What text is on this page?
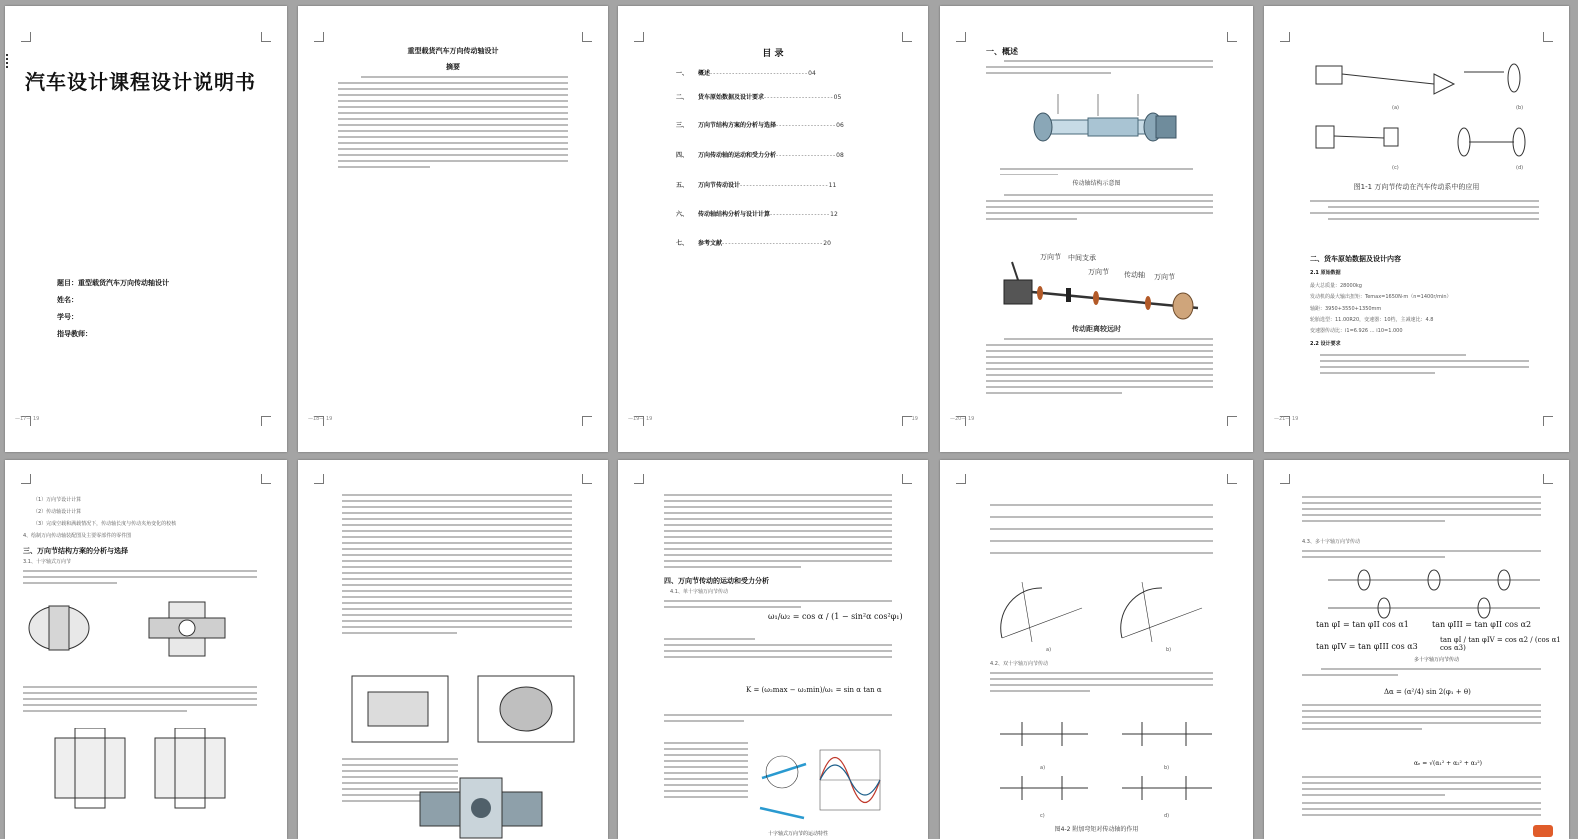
汽车设计课程设计说明书
题目：重型载货汽车万向传动轴设计
姓名：
学号：
指导教师：
—17— 19
重型载货汽车万向传动轴设计
摘要
—18— 19
目 录
一、 概述-------------------------------04
二、 货车原始数据及设计要求----------------------05
三、 万向节结构方案的分析与选择-------------------06
四、 万向传动轴的运动和受力分析-------------------08
五、 万向节传动设计----------------------------11
六、 传动轴结构分析与设计计算-------------------12
七、 参考文献--------------------------------20
—19— 19	19
一、概述
传动轴结构示意图
万向节 中间支承
万向节 传动轴 万向节
传动距离较远时
—20— 19
(a)	(b)
(c)	(d)
图1-1 万向节传动在汽车传动系中的应用
二、货车原始数据及设计内容
2.1 原始数据
最大总质量：28000kg
发动机的最大输出扭矩：Temax=1650N·m（n=1400r/min）
轴距：3950+3550+1350mm
轮胎选型：11.00R20，变速器：10档，主减速比：4.8
变速器传动比：i1=6.926 … i10=1.000
2.2 设计要求
—21— 19
（1）万向节设计计算
（2）传动轴设计计算
（3）完成空载和满载情况下，传动轴长度与传动夹角变化的校核
4、绘制万向传动轴装配图及主要零部件的零件图
三、万向节结构方案的分析与选择
3.1、十字轴式万向节
四、万向节传动的运动和受力分析
4.1、单十字轴万向节传动
ω₁/ω₂ = cos α / (1 − sin²α cos²φ₁)
K = (ω₂max − ω₂min)/ω₁ = sin α tan α
十字轴式万向节的运动特性
a)	b)
4.2、双十字轴万向节传动
a)	b)
c)	d)
图4-2 附加弯矩对传动轴的作用
4.3、多十字轴万向节传动
tan φI = tan φII cos α1	tan φIII = tan φII cos α2
tan φIV = tan φIII cos α3
tan φI / tan φIV = cos α2 / (cos α1 cos α3)
多十字轴万向节传动
Δα = (α²/4) sin 2(φ₁ + θ)
αₑ = √(α₁² + α₂² + α₃²)
